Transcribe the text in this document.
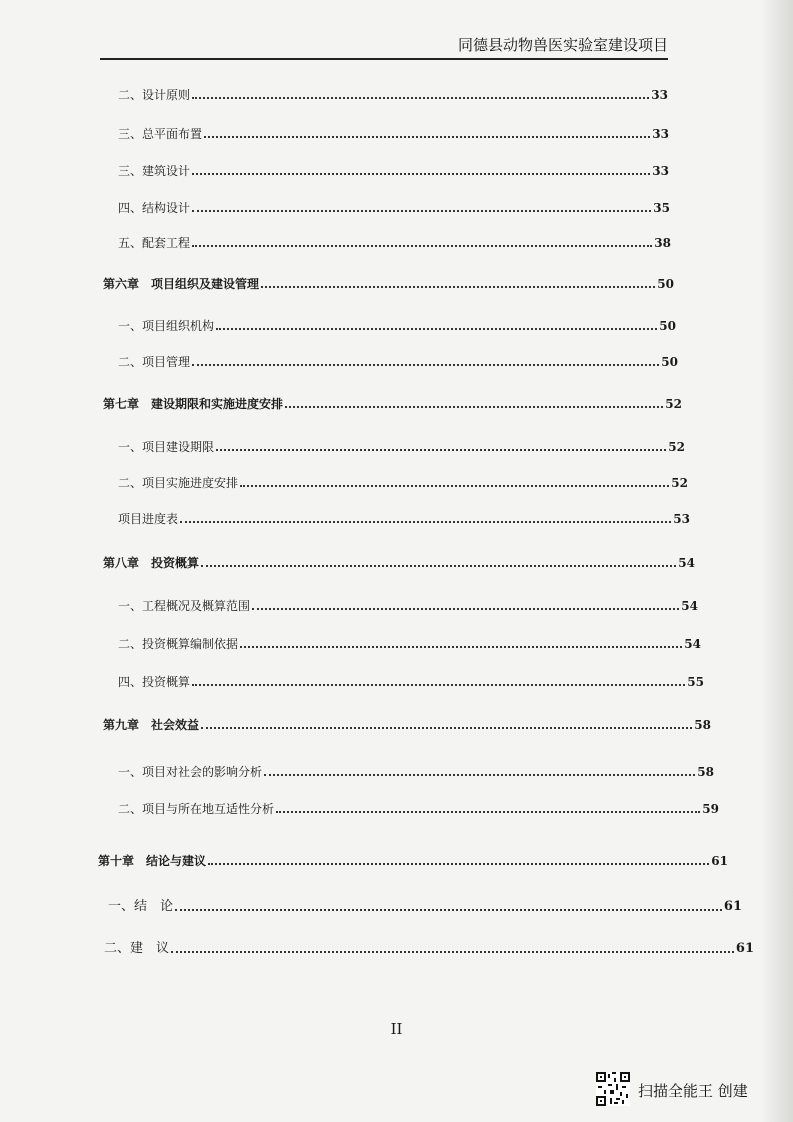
同德县动物兽医实验室建设项目
二、设计原则	33
三、总平面布置	33
三、建筑设计	33
四、结构设计	35
五、配套工程	38
第六章　项目组织及建设管理	50
一、项目组织机构	50
二、项目管理	50
第七章　建设期限和实施进度安排	52
一、项目建设期限	52
二、项目实施进度安排	52
项目进度表	53
第八章　投资概算	54
一、工程概况及概算范围	54
二、投资概算编制依据	54
四、投资概算	55
第九章　社会效益	58
一、项目对社会的影响分析	58
二、项目与所在地互适性分析	59
第十章　结论与建议	61
一、结　论	61
二、建　议	61
II
扫描全能王 创建
